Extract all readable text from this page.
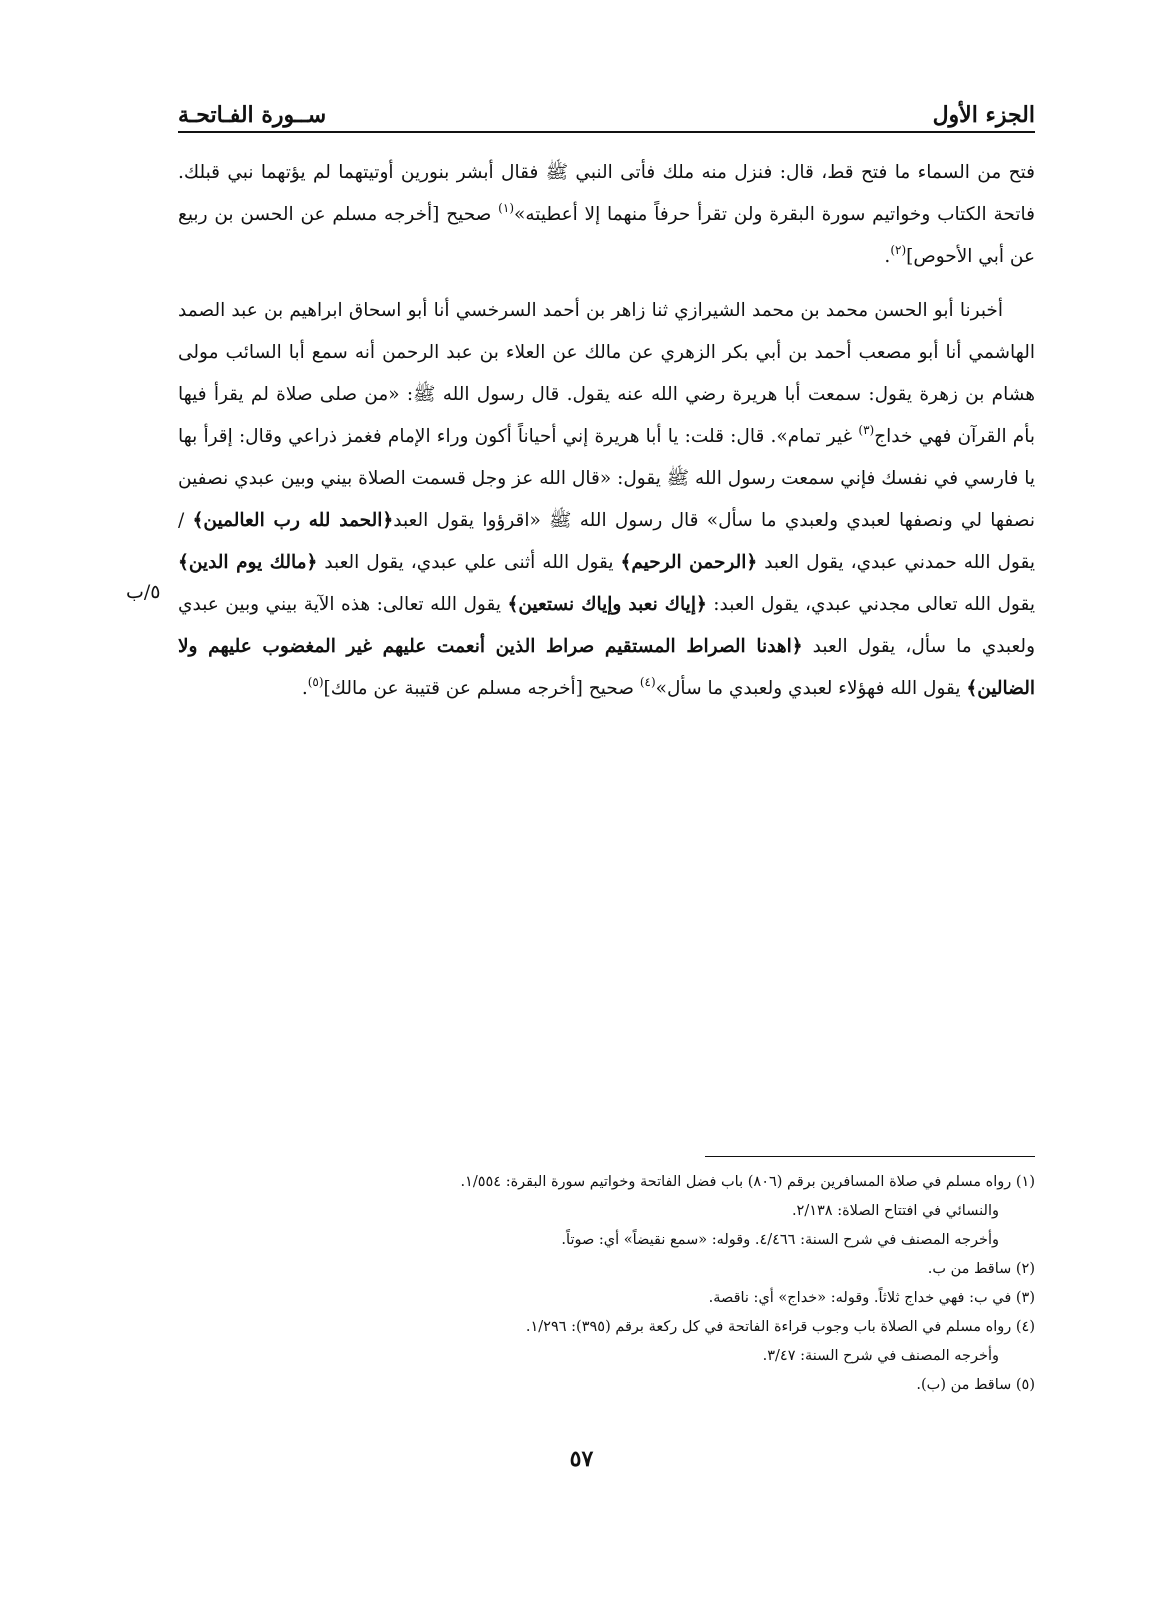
الجزء الأول
ســورة الفـاتحـة

فتح من السماء ما فتح قط، قال: فنزل منه ملك فأتى النبي ﷺ فقال أبشر بنورين أوتيتهما لم يؤتهما نبي قبلك. فاتحة الكتاب وخواتيم سورة البقرة ولن تقرأ حرفاً منهما إلا أعطيته»$^{(١)}$ صحيح [أخرجه مسلم عن الحسن بن ربيع عن أبي الأحوص]$^{(٢)}$.

أخبرنا أبو الحسن محمد بن محمد الشيرازي ثنا زاهر بن أحمد السرخسي أنا أبو اسحاق ابراهيم بن عبد الصمد الهاشمي أنا أبو مصعب أحمد بن أبي بكر الزهري عن مالك عن العلاء بن عبد الرحمن أنه سمع أبا السائب مولى هشام بن زهرة يقول: سمعت أبا هريرة رضي الله عنه يقول. قال رسول الله ﷺ: «من صلى صلاة لم يقرأ فيها بأم القرآن فهي خداج$^{(٣)}$ غير تمام». قال: قلت: يا أبا هريرة إني أحياناً أكون وراء الإمام فغمز ذراعي وقال: إقرأ بها يا فارسي في نفسك فإني سمعت رسول الله ﷺ يقول: «قال الله عز وجل قسمت الصلاة بيني وبين عبدي نصفين نصفها لي ونصفها لعبدي ولعبدي ما سأل» قال رسول الله ﷺ «اقرؤوا يقول العبد﴿الحمد لله رب العالمين﴾ / يقول الله حمدني عبدي، يقول العبد ﴿الرحمن الرحيم﴾ يقول الله أثنى علي عبدي، يقول العبد ﴿مالك يوم الدين﴾ يقول الله تعالى مجدني عبدي، يقول العبد: ﴿إياك نعبد وإياك نستعين﴾ يقول الله تعالى: هذه الآية بيني وبين عبدي ولعبدي ما سأل، يقول العبد ﴿اهدنا الصراط المستقيم صراط الذين أنعمت عليهم غير المغضوب عليهم ولا الضالين﴾ يقول الله فهؤلاء لعبدي ولعبدي ما سأل»$^{(٤)}$ صحيح [أخرجه مسلم عن قتيبة عن مالك]$^{(٥)}$.

٥/ب

(١) رواه مسلم في صلاة المسافرين برقم (٨٠٦) باب فضل الفاتحة وخواتيم سورة البقرة: ١/٥٥٤.

والنسائي في افتتاح الصلاة: ٢/١٣٨.

وأخرجه المصنف في شرح السنة: ٤/٤٦٦. وقوله: «سمع نقيضاً» أي: صوتاً.

(٢) ساقط من ب.

(٣) في ب: فهي خداج ثلاثاً. وقوله: «خداج» أي: ناقصة.

(٤) رواه مسلم في الصلاة باب وجوب قراءة الفاتحة في كل ركعة برقم (٣٩٥): ١/٢٩٦.

وأخرجه المصنف في شرح السنة: ٣/٤٧.

(٥) ساقط من (ب).

٥٧
